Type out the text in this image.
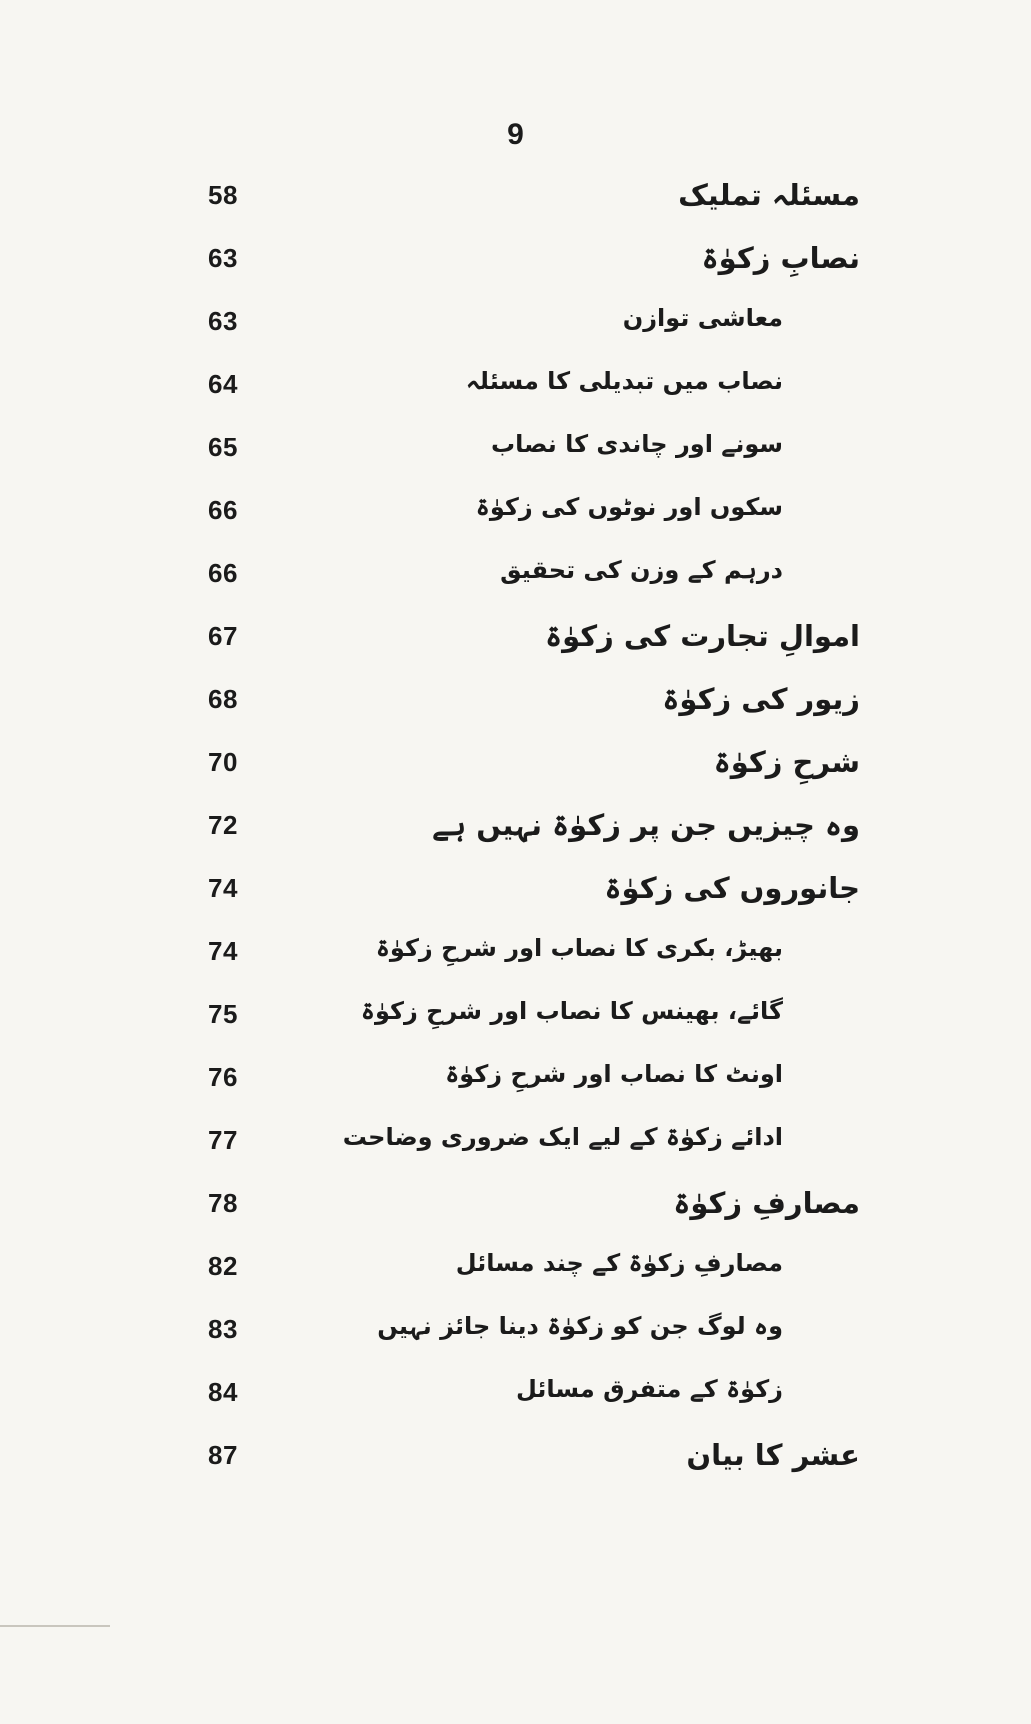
9
58	مسئلہ تملیک
63	نصابِ زکوٰۃ
63	معاشی توازن
64	نصاب میں تبدیلی کا مسئلہ
65	سونے اور چاندی کا نصاب
66	سکوں اور نوٹوں کی زکوٰۃ
66	درہم کے وزن کی تحقیق
67	اموالِ تجارت کی زکوٰۃ
68	زیور کی زکوٰۃ
70	شرحِ زکوٰۃ
72	وہ چیزیں جن پر زکوٰۃ نہیں ہے
74	جانوروں کی زکوٰۃ
74	بھیڑ، بکری کا نصاب اور شرحِ زکوٰۃ
75	گائے، بھینس کا نصاب اور شرحِ زکوٰۃ
76	اونٹ کا نصاب اور شرحِ زکوٰۃ
77	ادائے زکوٰۃ کے لیے ایک ضروری وضاحت
78	مصارفِ زکوٰۃ
82	مصارفِ زکوٰۃ کے چند مسائل
83	وہ لوگ جن کو زکوٰۃ دینا جائز نہیں
84	زکوٰۃ کے متفرق مسائل
87	عشر کا بیان
